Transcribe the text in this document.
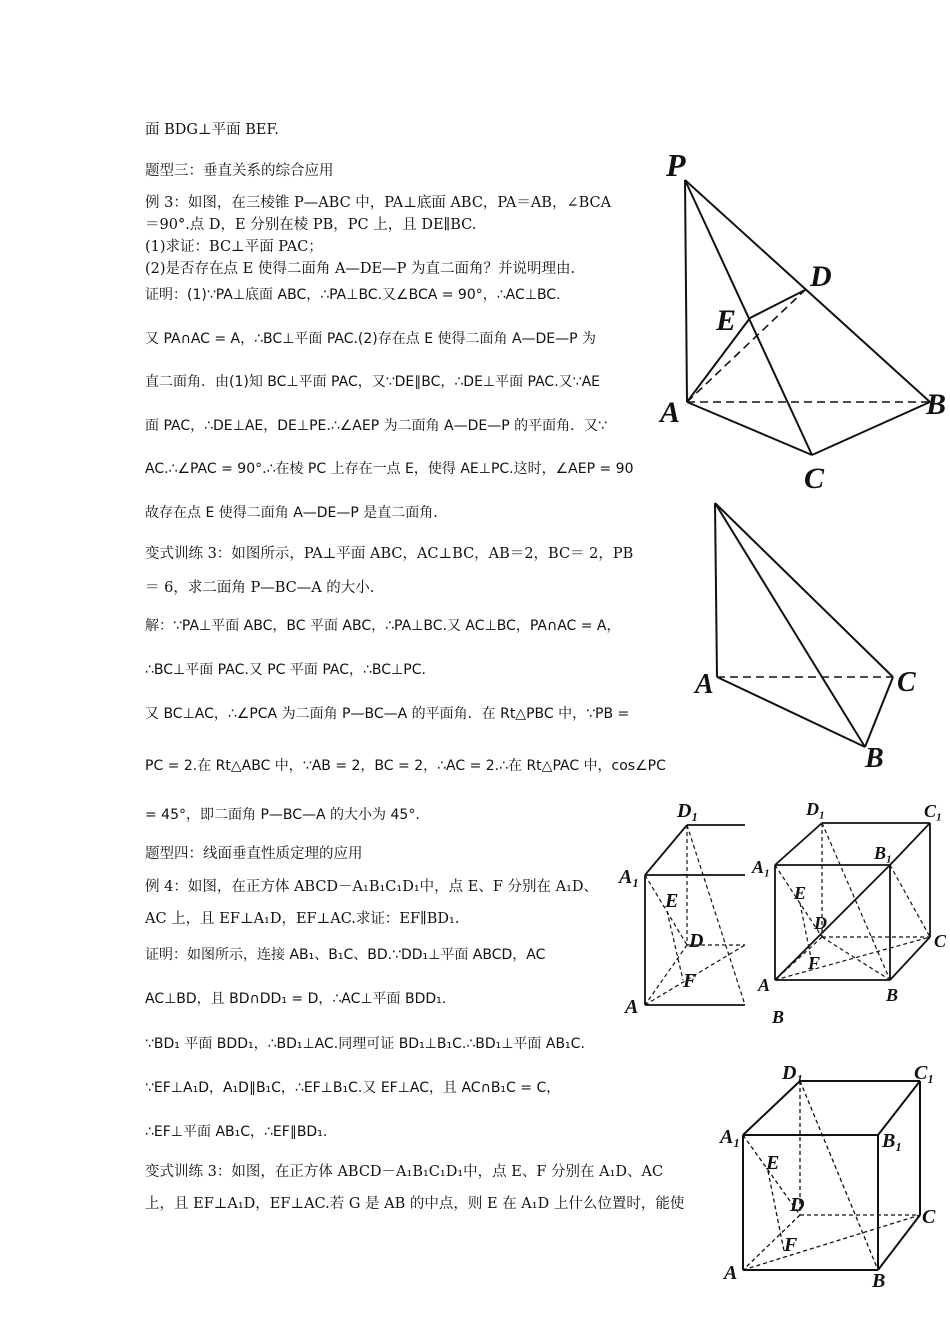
面 BDG⊥平面 BEF.
题型三：垂直关系的综合应用
例 3：如图，在三棱锥 P—ABC 中，PA⊥底面 ABC，PA＝AB，∠BCA
＝90°.点 D，E 分别在棱 PB，PC 上，且 DE∥BC.
(1)求证：BC⊥平面 PAC；
(2)是否存在点 E 使得二面角 A—DE—P 为直二面角？并说明理由.
证明：(1)∵PA⊥底面 ABC，∴PA⊥BC.又∠BCA = 90°，∴AC⊥BC.
又 PA∩AC = A，∴BC⊥平面 PAC.(2)存在点 E 使得二面角 A—DE—P 为
直二面角．由(1)知 BC⊥平面 PAC，又∵DE∥BC，∴DE⊥平面 PAC.又∵AE
面 PAC，∴DE⊥AE，DE⊥PE.∴∠AEP 为二面角 A—DE—P 的平面角．又∵
AC.∴∠PAC = 90°.∴在棱 PC 上存在一点 E，使得 AE⊥PC.这时，∠AEP = 90
故存在点 E 使得二面角 A—DE—P 是直二面角．
变式训练 3：如图所示，PA⊥平面 ABC，AC⊥BC，AB＝2，BC＝ 2，PB
＝ 6，求二面角 P—BC—A 的大小.
解：∵PA⊥平面 ABC，BC 平面 ABC，∴PA⊥BC.又 AC⊥BC，PA∩AC = A，
∴BC⊥平面 PAC.又 PC 平面 PAC，∴BC⊥PC.
又 BC⊥AC，∴∠PCA 为二面角 P—BC—A 的平面角．在 Rt△PBC 中，∵PB =
PC = 2.在 Rt△ABC 中，∵AB = 2，BC = 2，∴AC = 2.∴在 Rt△PAC 中，cos∠PC
= 45°，即二面角 P—BC—A 的大小为 45°.
题型四：线面垂直性质定理的应用
例 4：如图，在正方体 ABCD－A₁B₁C₁D₁中，点 E、F 分别在 A₁D、
AC 上，且 EF⊥A₁D，EF⊥AC.求证：EF∥BD₁.
证明：如图所示，连接 AB₁、B₁C、BD.∵DD₁⊥平面 ABCD，AC
AC⊥BD，且 BD∩DD₁ = D，∴AC⊥平面 BDD₁.
∵BD₁ 平面 BDD₁，∴BD₁⊥AC.同理可证 BD₁⊥B₁C.∴BD₁⊥平面 AB₁C.
∵EF⊥A₁D，A₁D∥B₁C，∴EF⊥B₁C.又 EF⊥AC，且 AC∩B₁C = C，
∴EF⊥平面 AB₁C，∴EF∥BD₁.
变式训练 3：如图，在正方体 ABCD－A₁B₁C₁D₁中，点 E、F 分别在 A₁D、AC
上，且 EF⊥A₁D，EF⊥AC.若 G 是 AB 的中点，则 E 在 A₁D 上什么位置时，能使
P
D
E
A	B
C
A	C
B
D₁
A₁
E
D
F
A
D₁	C₁
A₁
B₁
E
D
C
F
A	B
B
D₁	C₁
A₁	B₁
E
D
C
F
A	B
